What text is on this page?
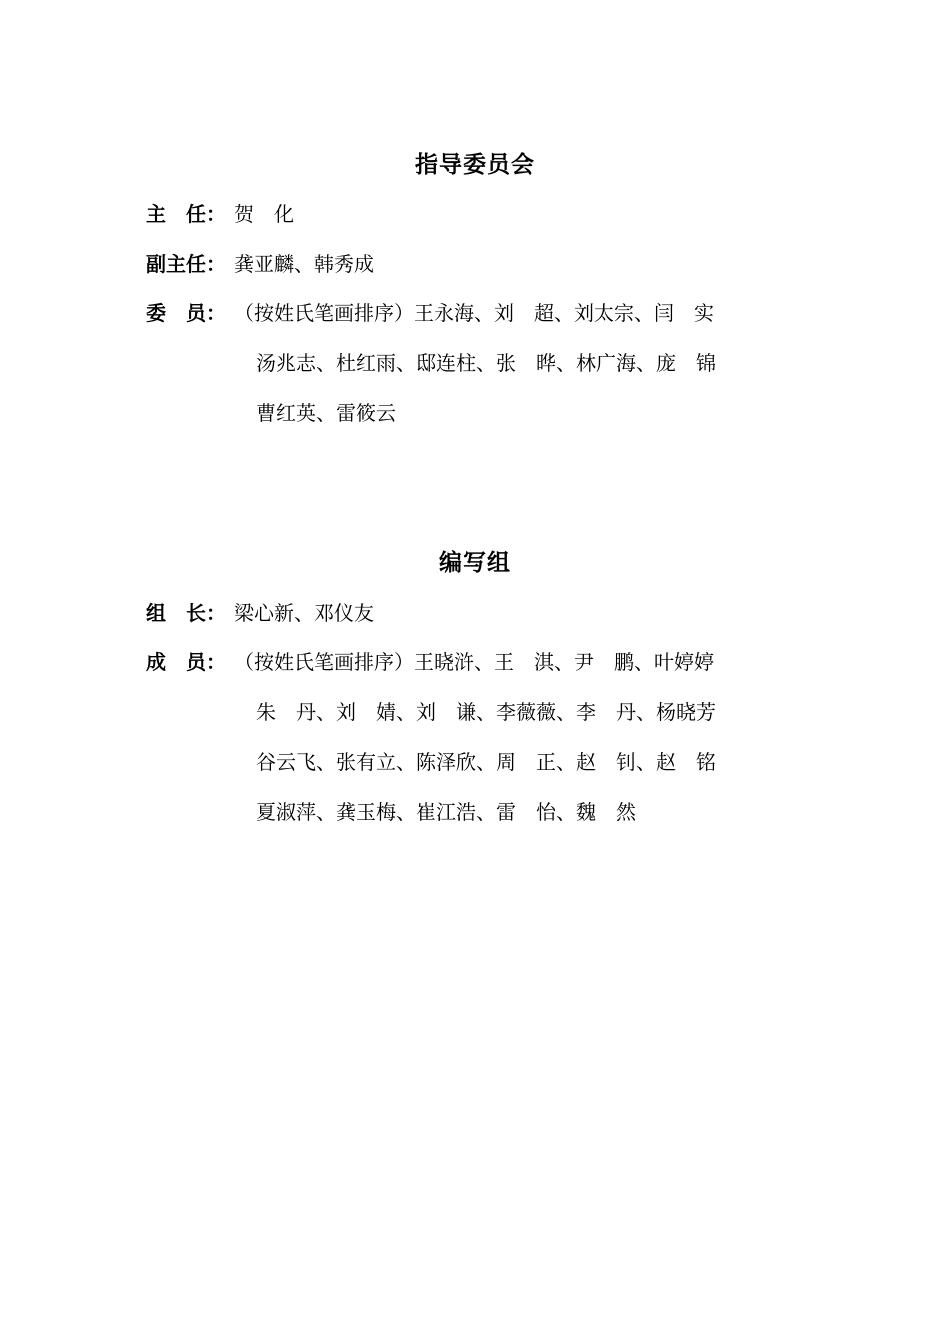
指导委员会
主　任： 贺　化
副主任： 龚亚麟、韩秀成
委　员： （按姓氏笔画排序）王永海、刘　超、刘太宗、闫　实
汤兆志、杜红雨、邸连柱、张　晔、林广海、庞　锦
曹红英、雷筱云
编写组
组　长： 梁心新、邓仪友
成　员： （按姓氏笔画排序）王晓浒、王　淇、尹　鹏、叶婷婷
朱　丹、刘　婧、刘　谦、李薇薇、李　丹、杨晓芳
谷云飞、张有立、陈泽欣、周　正、赵　钊、赵　铭
夏淑萍、龚玉梅、崔江浩、雷　怡、魏　然
